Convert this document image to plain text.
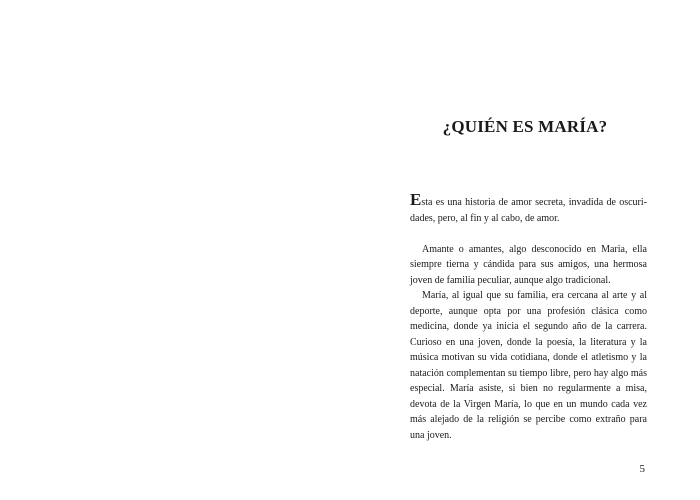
¿QUIÉN ES MARÍA?

Esta es una historia de amor secreta, invadida de oscuridades, pero, al fin y al cabo, de amor.

Amante o amantes, algo desconocido en Maria, ella siempre tierna y cándida para sus amigos, una hermosa joven de familia peculiar, aunque algo tradicional.

María, al igual que su familia, era cercana al arte y al deporte, aunque opta por una profesión clásica como medicina, donde ya inicia el segundo año de la carrera. Curioso en una joven, donde la poesía, la literatura y la música motivan su vida cotidiana, donde el atletismo y la natación complementan su tiempo libre, pero hay algo más especial. María asiste, si bien no regularmente a misa, devota de la Virgen María, lo que en un mundo cada vez más alejado de la religión se percibe como extraño para una joven.

5
